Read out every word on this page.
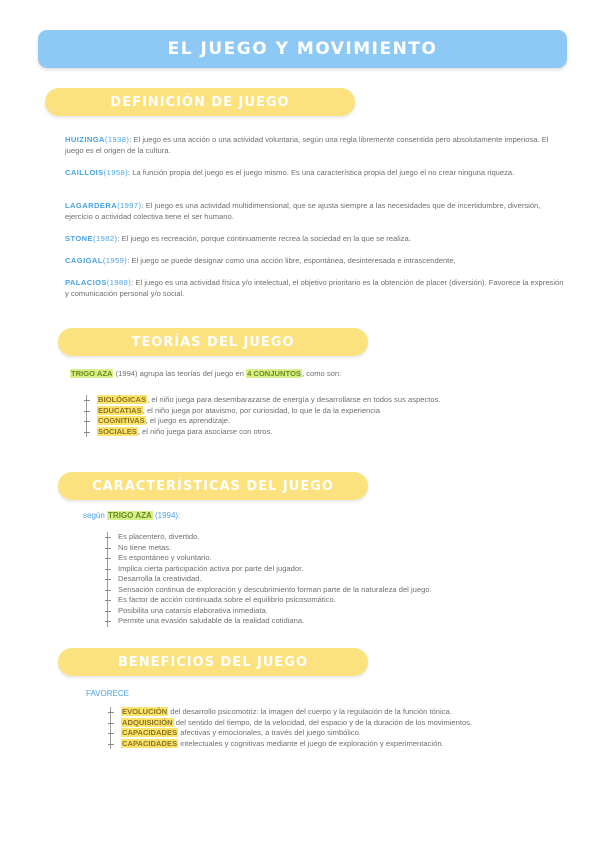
EL JUEGO Y MOVIMIENTO
DEFINICIÓN DE JUEGO
HUIZINGA(1938): El juego es una acción o una actividad voluntaria, según una regla libremente consentida pero absolutamente imperiosa. El juego es el origen de la cultura.
CAILLOIS(1958): La función propia del juego es el juego mismo. Es una característica propia del juego el no crear ninguna riqueza.
LAGARDERA(1997): El juego es una actividad multidimensional, que se ajusta siempre a las necesidades que de incertidumbre, diversión, ejercicio o actividad colectiva tiene el ser humano.
STONE(1982): El juego es recreación, porque continuamente recrea la sociedad en la que se realiza.
CAGIGAL(1959): El juego se puede designar como una acción libre, espontánea, desinteresada e intrascendente,
PALACIOS(1988): El juego es una actividad física y/o intelectual, el objetivo prioritario es la obtención de placer (diversión). Favorece la expresión y comunicación personal y/o social.
TEORÍAS DEL JUEGO
TRIGO AZA (1994) agrupa las teorías del juego en 4 CONJUNTOS, como son:
BIOLÓGICAS, el niño juega para desembarazarse de energía y desarrollarse en todos sus aspectos.
EDUCATIAS, el niño juega por atavismo, por curiosidad, lo que le da la experiencia
COGNITIVAS, el juego es aprendizaje.
SOCIALES, el niño juega para asociarse con otros.
CARACTERÍSTICAS DEL JUEGO
según TRIGO AZA (1994):
Es placentero, divertido.
No tiene metas.
Es espontáneo y voluntario.
Implica cierta participación activa por parte del jugador.
Desarrolla la creatividad.
Sensación continua de exploración y descubrimiento forman parte de la naturaleza del juego.
Es factor de acción continuada sobre el equilibrio psicosomático.
Posibilita una catarsis elaborativa inmediata.
Permite una evasión saludable de la realidad cotidiana.
BENEFICIOS DEL JUEGO
FAVORECE
EVOLUCIÓN del desarrollo psicomotriz: la imagen del cuerpo y la regulación de la función tónica.
ADQUISICIÓN del sentido del tiempo, de la velocidad, del espacio y de la duración de los movimientos.
CAPACIDADES afectivas y emocionales, a través del juego simbólico.
CAPACIDADES intelectuales y cognitivas mediante el juego de exploración y experimentación.
